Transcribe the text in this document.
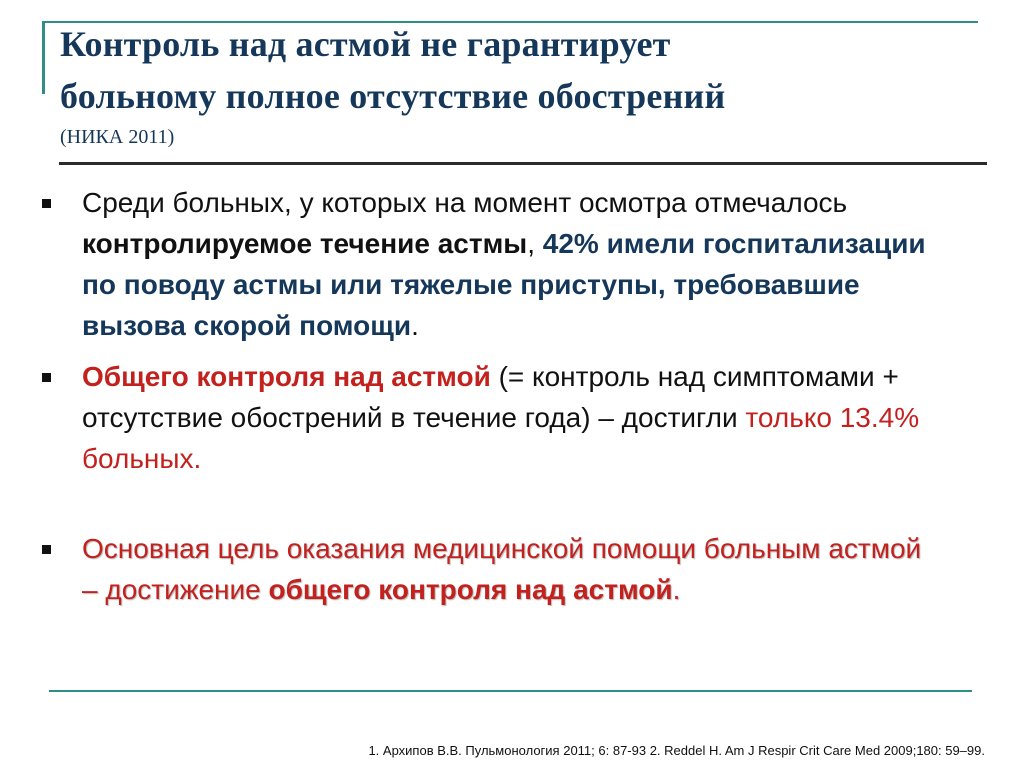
Контроль над астмой не гарантирует
больному полное отсутствие обострений
(НИКА 2011)
Среди больных, у которых на момент осмотра отмечалось контролируемое течение астмы, 42% имели госпитализации по поводу астмы или тяжелые приступы, требовавшие вызова скорой помощи.
Общего контроля над астмой (= контроль над симптомами + отсутствие обострений в течение года) – достигли только 13.4% больных.
Основная цель оказания медицинской помощи больным астмой – достижение общего контроля над астмой.
1. Архипов В.В. Пульмонология 2011; 6: 87-93 2. Reddel H. Am J Respir Crit Care Med 2009;180: 59–99.
